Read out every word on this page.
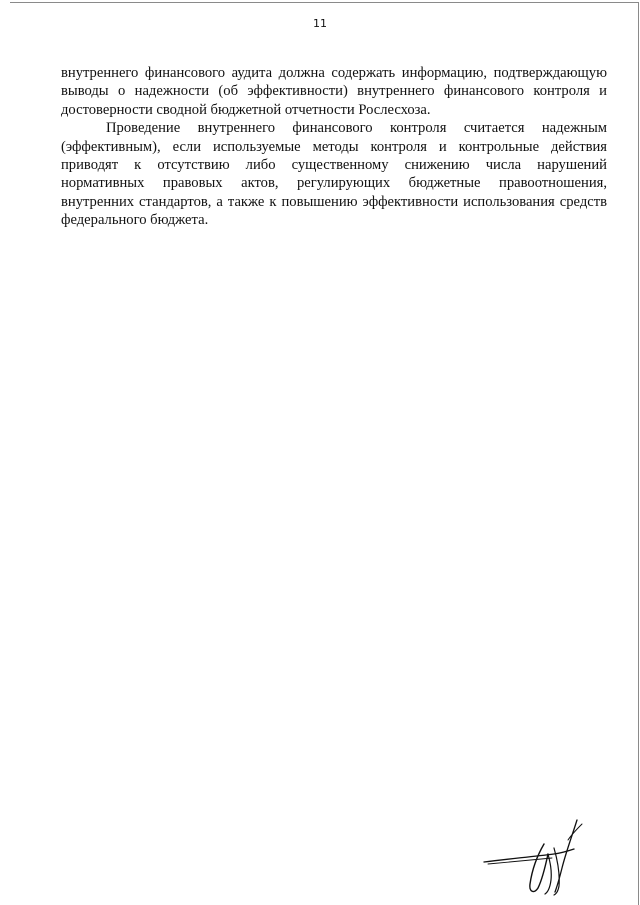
11

внутреннего финансового аудита должна содержать информацию, подтверждающую выводы о надежности (об эффективности) внутреннего финансового контроля и достоверности сводной бюджетной отчетности Рослесхоза.

Проведение внутреннего финансового контроля считается надежным (эффективным), если используемые методы контроля и контрольные действия приводят к отсутствию либо существенному снижению числа нарушений нормативных правовых актов, регулирующих бюджетные правоотношения, внутренних стандартов, а также к повышению эффективности использования средств федерального бюджета.
